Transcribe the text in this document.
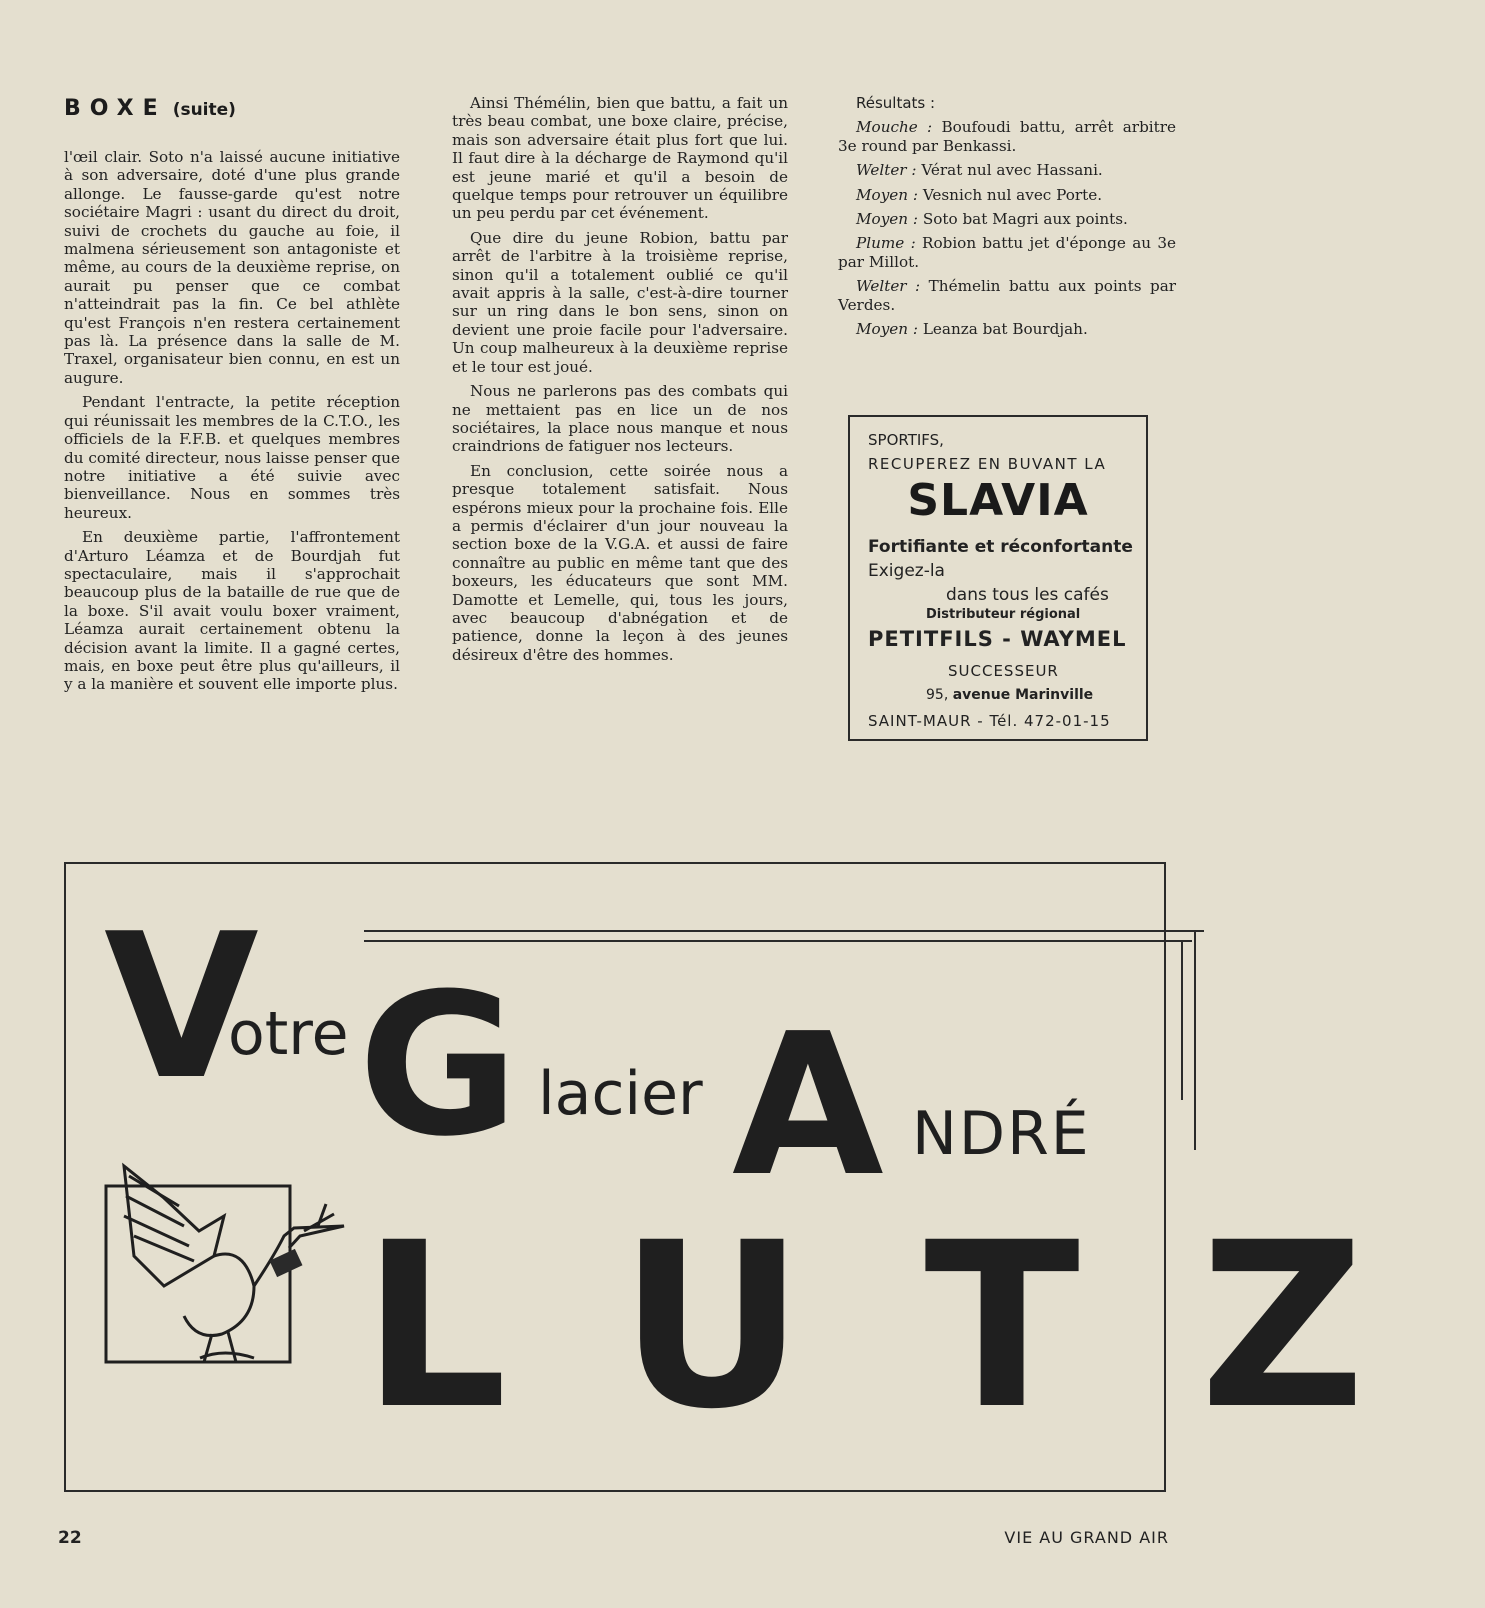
BOXE (suite)

l'œil clair. Soto n'a laissé aucune initiative à son adversaire, doté d'une plus grande allonge. Le fausse-garde qu'est notre sociétaire Magri : usant du direct du droit, suivi de crochets du gauche au foie, il malmena sérieusement son antagoniste et même, au cours de la deuxième reprise, on aurait pu penser que ce combat n'atteindrait pas la fin. Ce bel athlète qu'est François n'en restera certainement pas là. La présence dans la salle de M. Traxel, organisateur bien connu, en est un augure.

Pendant l'entracte, la petite réception qui réunissait les membres de la C.T.O., les officiels de la F.F.B. et quelques membres du comité directeur, nous laisse penser que notre initiative a été suivie avec bienveillance. Nous en sommes très heureux.

En deuxième partie, l'affrontement d'Arturo Léamza et de Bourdjah fut spectaculaire, mais il s'approchait beaucoup plus de la bataille de rue que de la boxe. S'il avait voulu boxer vraiment, Léamza aurait certainement obtenu la décision avant la limite. Il a gagné certes, mais, en boxe peut être plus qu'ailleurs, il y a la manière et souvent elle importe plus.

Ainsi Thémélin, bien que battu, a fait un très beau combat, une boxe claire, précise, mais son adversaire était plus fort que lui. Il faut dire à la décharge de Raymond qu'il est jeune marié et qu'il a besoin de quelque temps pour retrouver un équilibre un peu perdu par cet événement.

Que dire du jeune Robion, battu par arrêt de l'arbitre à la troisième reprise, sinon qu'il a totalement oublié ce qu'il avait appris à la salle, c'est-à-dire tourner sur un ring dans le bon sens, sinon on devient une proie facile pour l'adversaire. Un coup malheureux à la deuxième reprise et le tour est joué.

Nous ne parlerons pas des combats qui ne mettaient pas en lice un de nos sociétaires, la place nous manque et nous craindrions de fatiguer nos lecteurs.

En conclusion, cette soirée nous a presque totalement satisfait. Nous espérons mieux pour la prochaine fois. Elle a permis d'éclairer d'un jour nouveau la section boxe de la V.G.A. et aussi de faire connaître au public en même tant que des boxeurs, les éducateurs que sont MM. Damotte et Lemelle, qui, tous les jours, avec beaucoup d'abnégation et de patience, donne la leçon à des jeunes désireux d'être des hommes.

Résultats :

Mouche : Boufoudi battu, arrêt arbitre 3e round par Benkassi.

Welter : Vérat nul avec Hassani.

Moyen : Vesnich nul avec Porte.

Moyen : Soto bat Magri aux points.

Plume : Robion battu jet d'éponge au 3e par Millot.

Welter : Thémelin battu aux points par Verdes.

Moyen : Leanza bat Bourdjah.

SPORTIFS,
RECUPEREZ EN BUVANT LA
SLAVIA
Fortifiante et réconfortante
Exigez-la
dans tous les cafés
Distributeur régional
PETITFILS - WAYMEL
SUCCESSEUR
95, avenue Marinville
SAINT-MAUR - Tél. 472-01-15
V
otre G lacier A NDRÉ
LUTZ
22	VIE AU GRAND AIR
